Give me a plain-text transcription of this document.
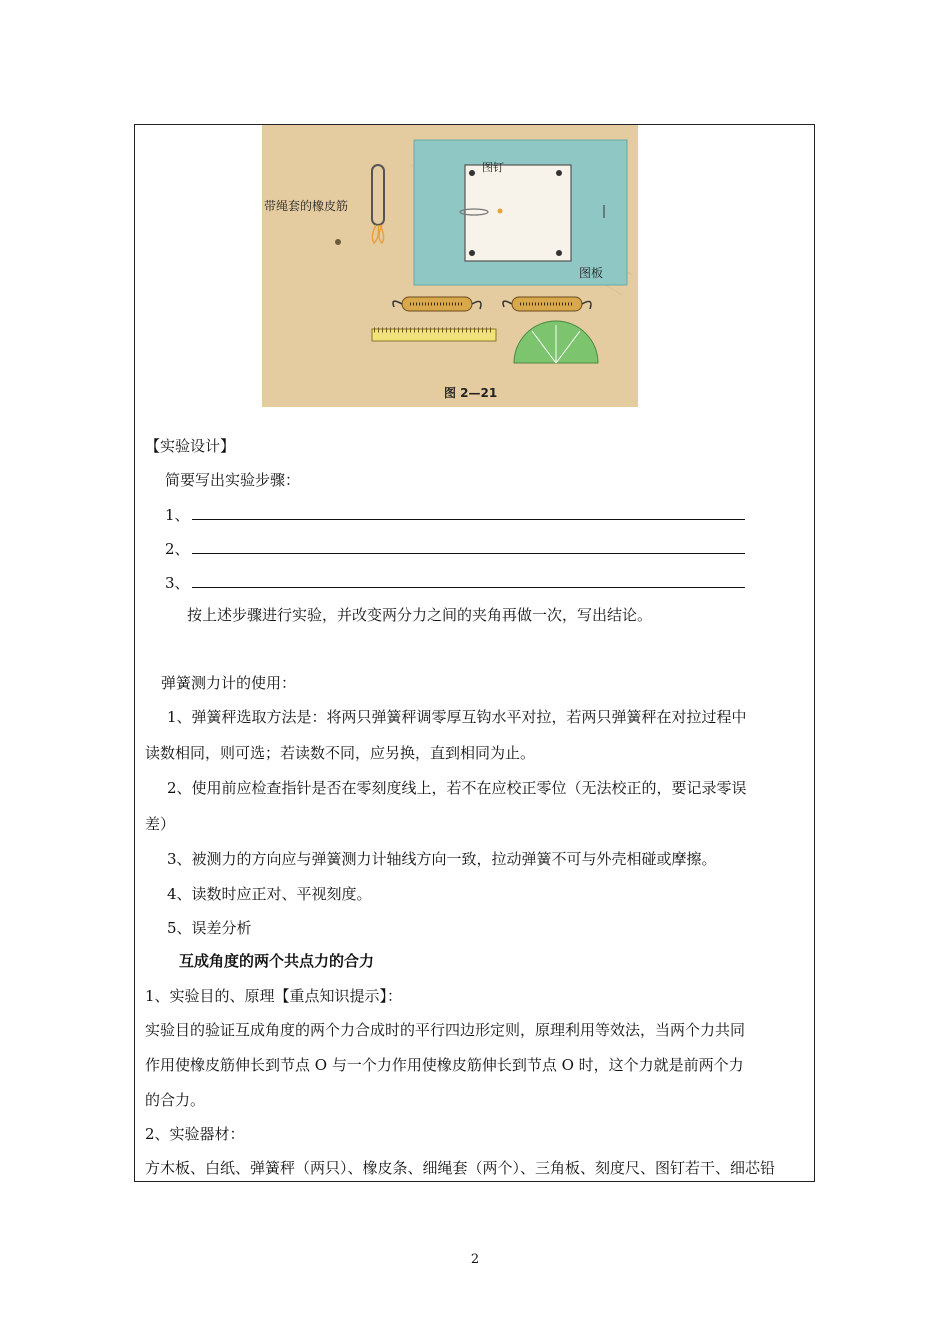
带绳套的橡皮筋
图钉
图板
图 2—21
【实验设计】
简要写出实验步骤：
1、
2、
3、
按上述步骤进行实验，并改变两分力之间的夹角再做一次，写出结论。
弹簧测力计的使用：
1、弹簧秤选取方法是：将两只弹簧秤调零厚互钩水平对拉，若两只弹簧秤在对拉过程中
读数相同，则可选；若读数不同，应另换，直到相同为止。
2、使用前应检查指针是否在零刻度线上，若不在应校正零位（无法校正的，要记录零误
差）
3、被测力的方向应与弹簧测力计轴线方向一致，拉动弹簧不可与外壳相碰或摩擦。
4、读数时应正对、平视刻度。
5、误差分析
互成角度的两个共点力的合力
1、实验目的、原理【重点知识提示】：
实验目的验证互成角度的两个力合成时的平行四边形定则，原理利用等效法，当两个力共同
作用使橡皮筋伸长到节点 O 与一个力作用使橡皮筋伸长到节点 O 时，这个力就是前两个力
的合力。
2、实验器材：
方木板、白纸、弹簧秤（两只）、橡皮条、细绳套（两个）、三角板、刻度尺、图钉若干、细芯铅
2
